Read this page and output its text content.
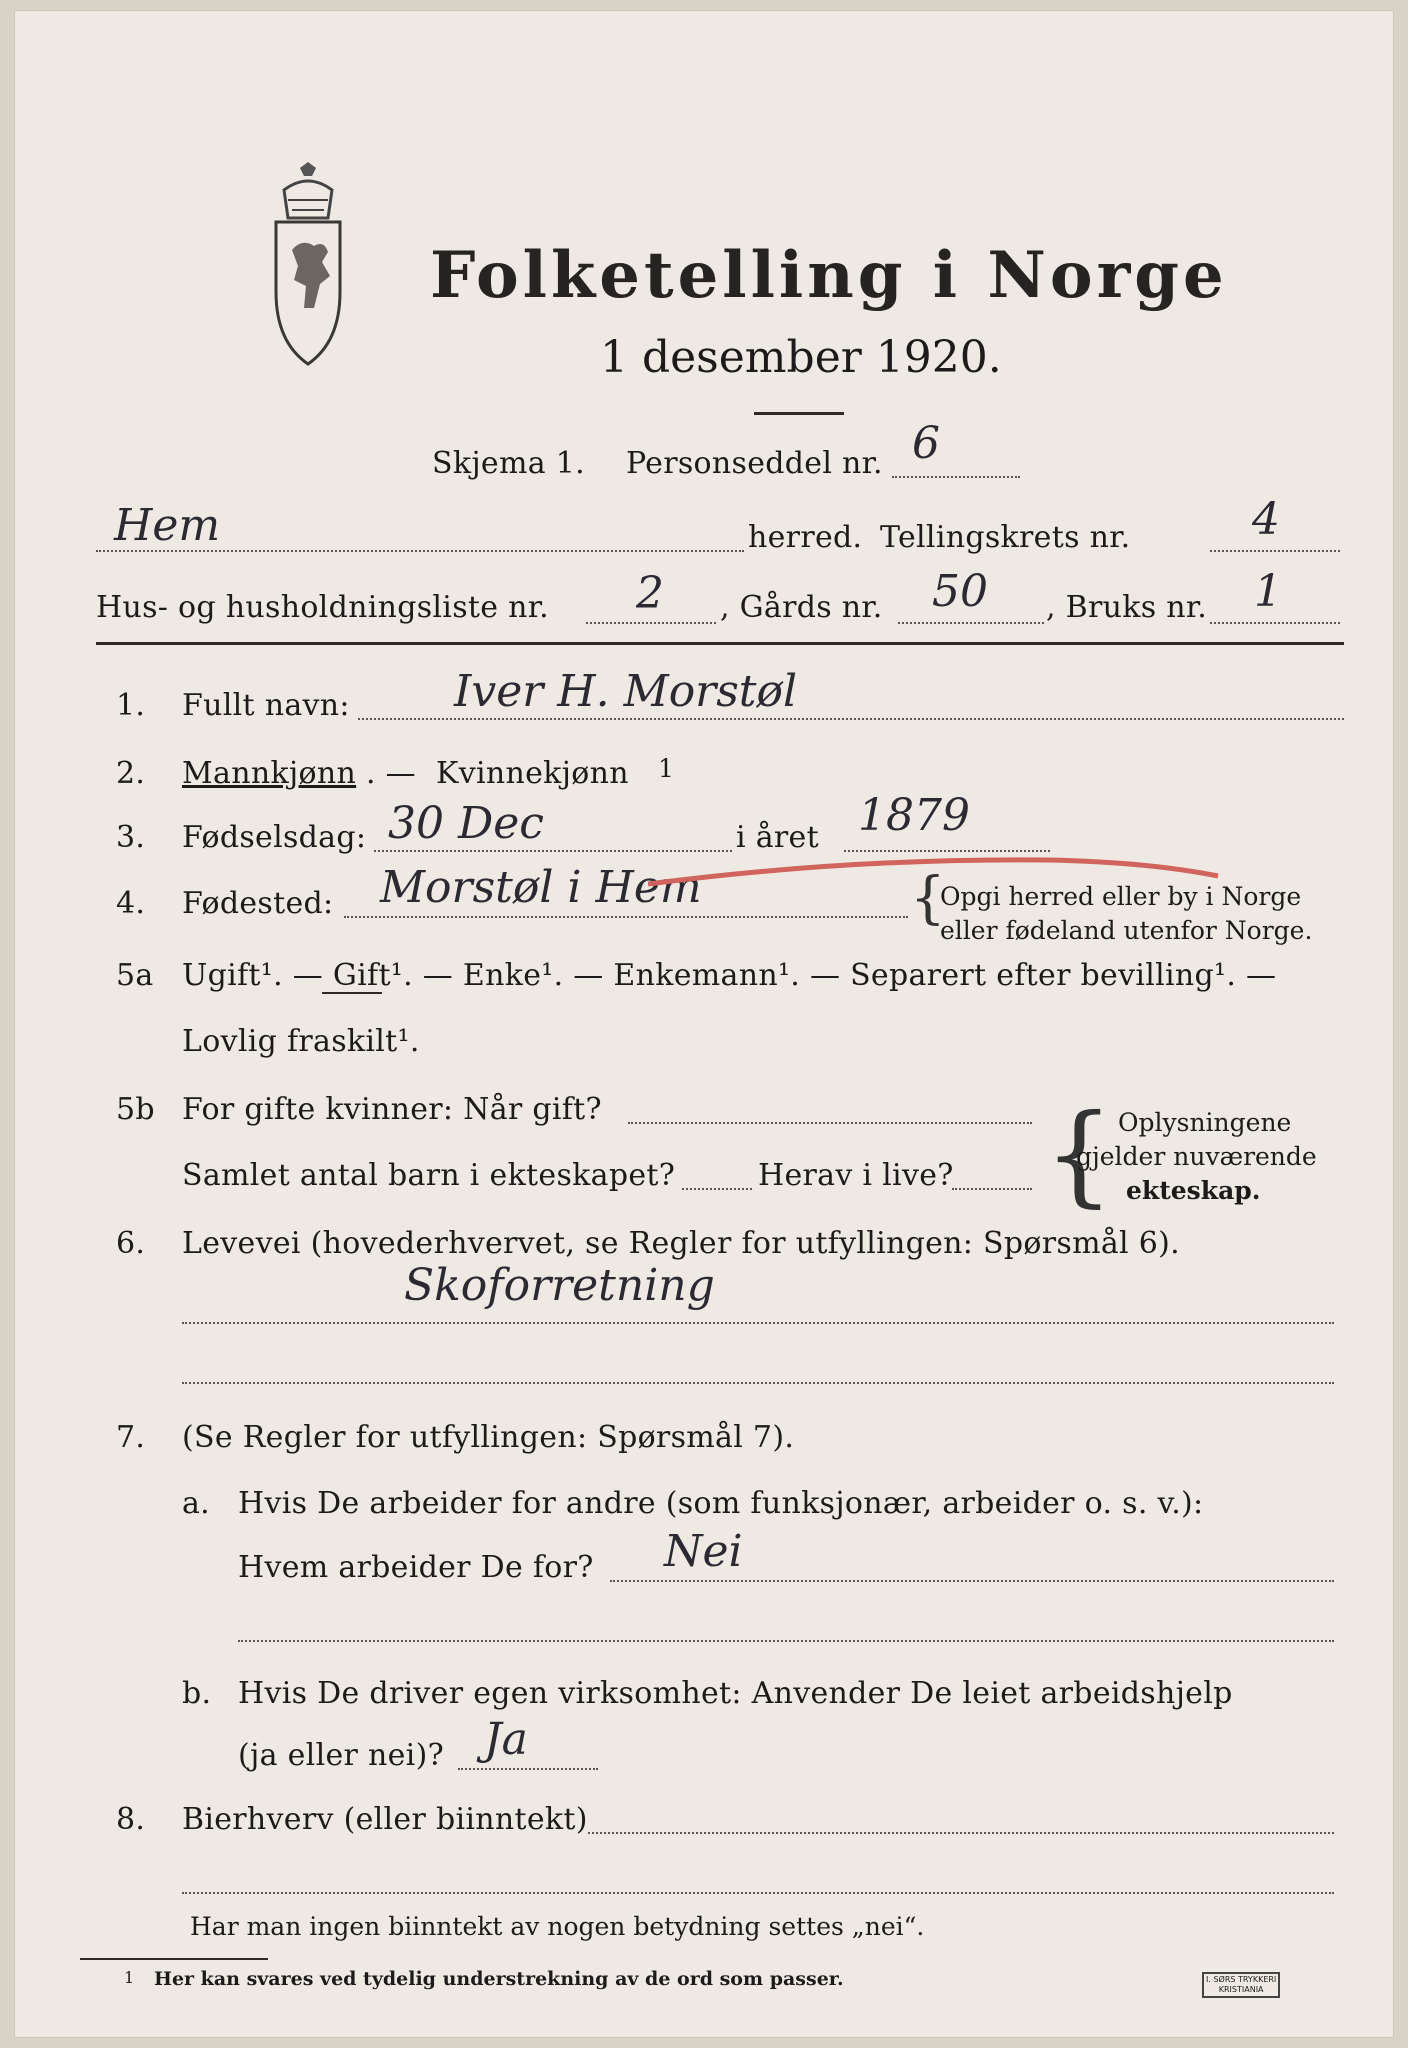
Folketelling i Norge
1 desember 1920.
Skjema 1. Personseddel nr. 6
Hem	herred. Tellingskrets nr.	4
Hus- og husholdningsliste nr. 2 , Gårds nr. 50 , Bruks nr. 1
1. Fullt navn: Iver H. Morstøl
2. Mannkjønn . — Kvinnekjønn 1
3. Fødselsdag: 30 Dec	i året 1879
4. Fødested: Morstøl i Hem	{
Opgi herred eller by i Norge
eller fødeland utenfor Norge.
5a Ugift¹. — Gift¹. — Enke¹. — Enkemann¹. — Separert efter bevilling¹. —
Lovlig fraskilt¹.
5b For gifte kvinner: Når gift?
Samlet antal barn i ekteskapet?	Herav i live? { Oplysningene
gjelder nuværende
ekteskap.
6. Levevei (hovederhvervet, se Regler for utfyllingen: Spørsmål 6).
Skoforretning
7. (Se Regler for utfyllingen: Spørsmål 7).
a. Hvis De arbeider for andre (som funksjonær, arbeider o. s. v.):
Hvem arbeider De for? Nei
b. Hvis De driver egen virksomhet: Anvender De leiet arbeidshjelp
(ja eller nei)? Ja
8. Bierhverv (eller biinntekt)
Har man ingen biinntekt av nogen betydning settes „nei“.
1 Her kan svares ved tydelig understrekning av de ord som passer.	I. SØRS TRYKKERI
KRISTIANIA
